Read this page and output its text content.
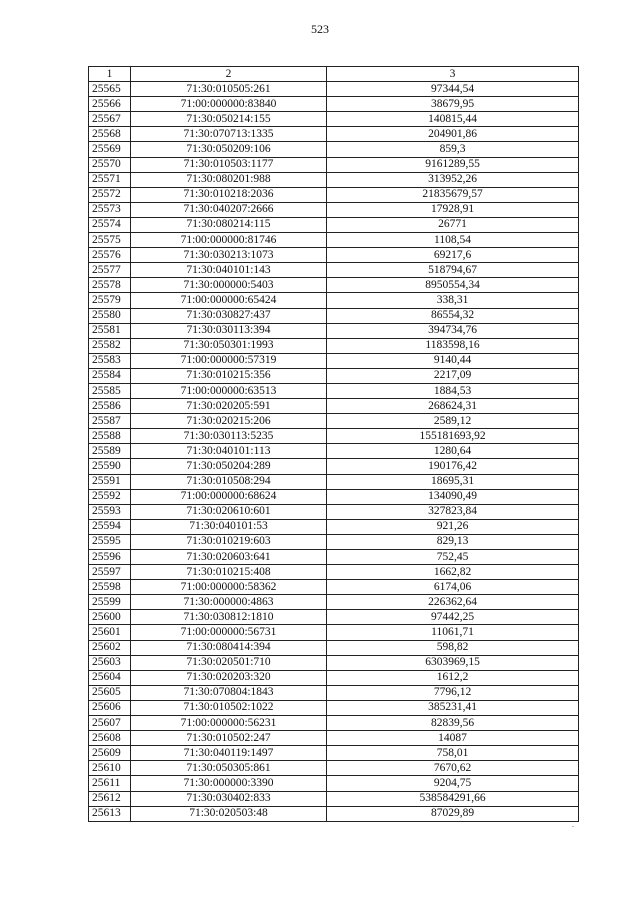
523
1	2	3
25565	71:30:010505:261	97344,54
25566	71:00:000000:83840	38679,95
25567	71:30:050214:155	140815,44
25568	71:30:070713:1335	204901,86
25569	71:30:050209:106	859,3
25570	71:30:010503:1177	9161289,55
25571	71:30:080201:988	313952,26
25572	71:30:010218:2036	21835679,57
25573	71:30:040207:2666	17928,91
25574	71:30:080214:115	26771
25575	71:00:000000:81746	1108,54
25576	71:30:030213:1073	69217,6
25577	71:30:040101:143	518794,67
25578	71:30:000000:5403	8950554,34
25579	71:00:000000:65424	338,31
25580	71:30:030827:437	86554,32
25581	71:30:030113:394	394734,76
25582	71:30:050301:1993	1183598,16
25583	71:00:000000:57319	9140,44
25584	71:30:010215:356	2217,09
25585	71:00:000000:63513	1884,53
25586	71:30:020205:591	268624,31
25587	71:30:020215:206	2589,12
25588	71:30:030113:5235	155181693,92
25589	71:30:040101:113	1280,64
25590	71:30:050204:289	190176,42
25591	71:30:010508:294	18695,31
25592	71:00:000000:68624	134090,49
25593	71:30:020610:601	327823,84
25594	71:30:040101:53	921,26
25595	71:30:010219:603	829,13
25596	71:30:020603:641	752,45
25597	71:30:010215:408	1662,82
25598	71:00:000000:58362	6174,06
25599	71:30:000000:4863	226362,64
25600	71:30:030812:1810	97442,25
25601	71:00:000000:56731	11061,71
25602	71:30:080414:394	598,82
25603	71:30:020501:710	6303969,15
25604	71:30:020203:320	1612,2
25605	71:30:070804:1843	7796,12
25606	71:30:010502:1022	385231,41
25607	71:00:000000:56231	82839,56
25608	71:30:010502:247	14087
25609	71:30:040119:1497	758,01
25610	71:30:050305:861	7670,62
25611	71:30:000000:3390	9204,75
25612	71:30:030402:833	538584291,66
25613	71:30:020503:48	87029,89
